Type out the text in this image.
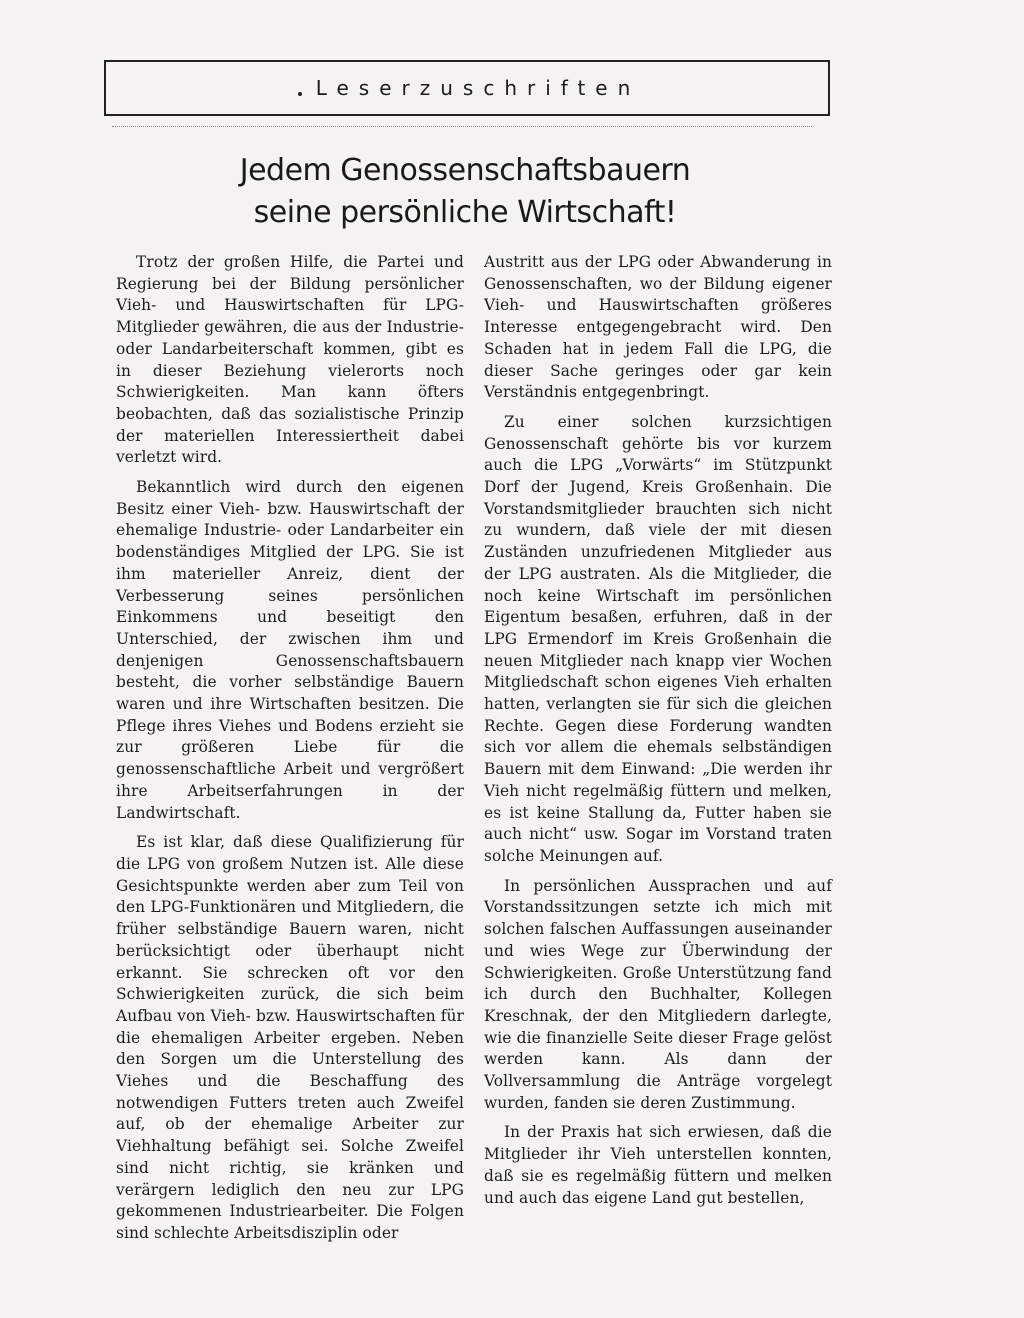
Leserzuschriften
Jedem Genossenschaftsbauern
seine persönliche Wirtschaft!

Trotz der großen Hilfe, die Partei und Regierung bei der Bildung persönlicher Vieh- und Hauswirtschaften für LPG-Mitglieder gewähren, die aus der Industrie- oder Landarbeiterschaft kommen, gibt es in dieser Beziehung vielerorts noch Schwierigkeiten. Man kann öfters beobachten, daß das sozialistische Prinzip der materiellen Interessiertheit dabei verletzt wird.

Bekanntlich wird durch den eigenen Besitz einer Vieh- bzw. Hauswirtschaft der ehemalige Industrie- oder Landarbeiter ein bodenständiges Mitglied der LPG. Sie ist ihm materieller Anreiz, dient der Verbesserung seines persönlichen Einkommens und beseitigt den Unterschied, der zwischen ihm und denjenigen Genossenschaftsbauern besteht, die vorher selbständige Bauern waren und ihre Wirtschaften besitzen. Die Pflege ihres Viehes und Bodens erzieht sie zur größeren Liebe für die genossenschaftliche Arbeit und vergrößert ihre Arbeitserfahrungen in der Landwirtschaft.

Es ist klar, daß diese Qualifizierung für die LPG von großem Nutzen ist. Alle diese Gesichtspunkte werden aber zum Teil von den LPG-Funktionären und Mitgliedern, die früher selbständige Bauern waren, nicht berücksichtigt oder überhaupt nicht erkannt. Sie schrecken oft vor den Schwierigkeiten zurück, die sich beim Aufbau von Vieh- bzw. Hauswirtschaften für die ehemaligen Arbeiter ergeben. Neben den Sorgen um die Unterstellung des Viehes und die Beschaffung des notwendigen Futters treten auch Zweifel auf, ob der ehemalige Arbeiter zur Viehhaltung befähigt sei. Solche Zweifel sind nicht richtig, sie kränken und verärgern lediglich den neu zur LPG gekommenen Industriearbeiter. Die Folgen sind schlechte Arbeitsdisziplin oder

Austritt aus der LPG oder Abwanderung in Genossenschaften, wo der Bildung eigener Vieh- und Hauswirtschaften größeres Interesse entgegengebracht wird. Den Schaden hat in jedem Fall die LPG, die dieser Sache geringes oder gar kein Verständnis entgegenbringt.

Zu einer solchen kurzsichtigen Genossenschaft gehörte bis vor kurzem auch die LPG „Vorwärts“ im Stützpunkt Dorf der Jugend, Kreis Großenhain. Die Vorstandsmitglieder brauchten sich nicht zu wundern, daß viele der mit diesen Zuständen unzufriedenen Mitglieder aus der LPG austraten. Als die Mitglieder, die noch keine Wirtschaft im persönlichen Eigentum besaßen, erfuhren, daß in der LPG Ermendorf im Kreis Großenhain die neuen Mitglieder nach knapp vier Wochen Mitgliedschaft schon eigenes Vieh erhalten hatten, verlangten sie für sich die gleichen Rechte. Gegen diese Forderung wandten sich vor allem die ehemals selbständigen Bauern mit dem Einwand: „Die werden ihr Vieh nicht regelmäßig füttern und melken, es ist keine Stallung da, Futter haben sie auch nicht“ usw. Sogar im Vorstand traten solche Meinungen auf.

In persönlichen Aussprachen und auf Vorstandssitzungen setzte ich mich mit solchen falschen Auffassungen auseinander und wies Wege zur Überwindung der Schwierigkeiten. Große Unterstützung fand ich durch den Buchhalter, Kollegen Kreschnak, der den Mitgliedern darlegte, wie die finanzielle Seite dieser Frage gelöst werden kann. Als dann der Vollversammlung die Anträge vorgelegt wurden, fanden sie deren Zustimmung.

In der Praxis hat sich erwiesen, daß die Mitglieder ihr Vieh unterstellen konnten, daß sie es regelmäßig füttern und melken und auch das eigene Land gut bestellen,
